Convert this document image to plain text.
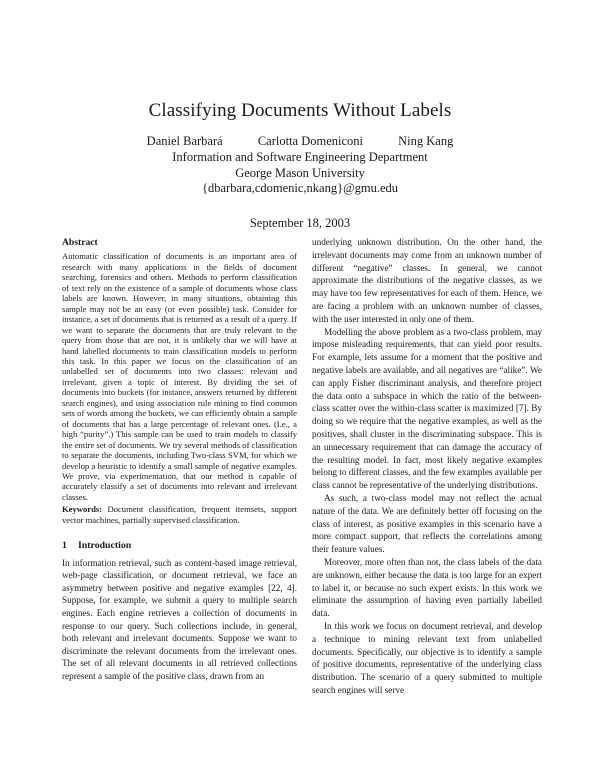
Classifying Documents Without Labels
Daniel Barbará	Carlotta Domeniconi	Ning Kang
Information and Software Engineering Department
George Mason University
{dbarbara,cdomenic,nkang}@gmu.edu
September 18, 2003
Abstract

Automatic classification of documents is an important area of research with many applications in the fields of document searching, forensics and others. Methods to perform classification of text rely on the existence of a sample of documents whose class labels are known. However, in many situations, obtaining this sample may not be an easy (or even possible) task. Consider for instance, a set of documents that is returned as a result of a query. If we want to separate the documents that are truly relevant to the query from those that are not, it is unlikely that we will have at hand labelled documents to train classification models to perform this task. In this paper we focus on the classification of an unlabelled set of documents into two classes: relevant and irrelevant, given a topic of interest. By dividing the set of documents into buckets (for instance, answers returned by different search engines), and using association rule mining to find common sets of words among the buckets, we can efficiently obtain a sample of documents that has a large percentage of relevant ones. (I.e., a high “purity”.) This sample can be used to train models to classify the entire set of documents. We try several methods of classification to separate the documents, including Two-class SVM, for which we develop a heuristic to identify a small sample of negative examples. We prove, via experimentation, that our method is capable of accurately classify a set of documents into relevant and irrelevant classes.

Keywords: Document classification, frequent itemsets, support vector machines, partially supervised classification.

1 Introduction

In information retrieval, such as content-based image retrieval, web-page classification, or document retrieval, we face an asymmetry between positive and negative examples [22, 4]. Suppose, for example, we submit a query to multiple search engines. Each engine retrieves a collection of documents in response to our query. Such collections include, in general, both relevant and irrelevant documents. Suppose we want to discriminate the relevant documents from the irrelevant ones. The set of all relevant documents in all retrieved collections represent a sample of the positive class, drawn from an

underlying unknown distribution. On the other hand, the irrelevant documents may come from an unknown number of different “negative” classes. In general, we cannot approximate the distributions of the negative classes, as we may have too few representatives for each of them. Hence, we are facing a problem with an unknown number of classes, with the user interested in only one of them.

Modelling the above problem as a two-class problem, may impose misleading requirements, that can yield poor results. For example, lets assume for a moment that the positive and negative labels are available, and all negatives are “alike”. We can apply Fisher discriminant analysis, and therefore project the data onto a subspace in which the ratio of the between-class scatter over the within-class scatter is maximized [7]. By doing so we require that the negative examples, as well as the positives, shall cluster in the discriminating subspace. This is an unnecessary requirement that can damage the accuracy of the resulting model. In fact, most likely negative examples belong to different classes, and the few examples available per class cannot be representative of the underlying distributions.

As such, a two-class model may not reflect the actual nature of the data. We are definitely better off focusing on the class of interest, as positive examples in this scenario have a more compact support, that reflects the correlations among their feature values.

Moreover, more often than not, the class labels of the data are unknown, either because the data is too large for an expert to label it, or because no such expert exists. In this work we eliminate the assumption of having even partially labelled data.

In this work we focus on document retrieval, and develop a technique to mining relevant text from unlabelled documents. Specifically, our objective is to identify a sample of positive documents, representative of the underlying class distribution. The scenario of a query submitted to multiple search engines will serve
